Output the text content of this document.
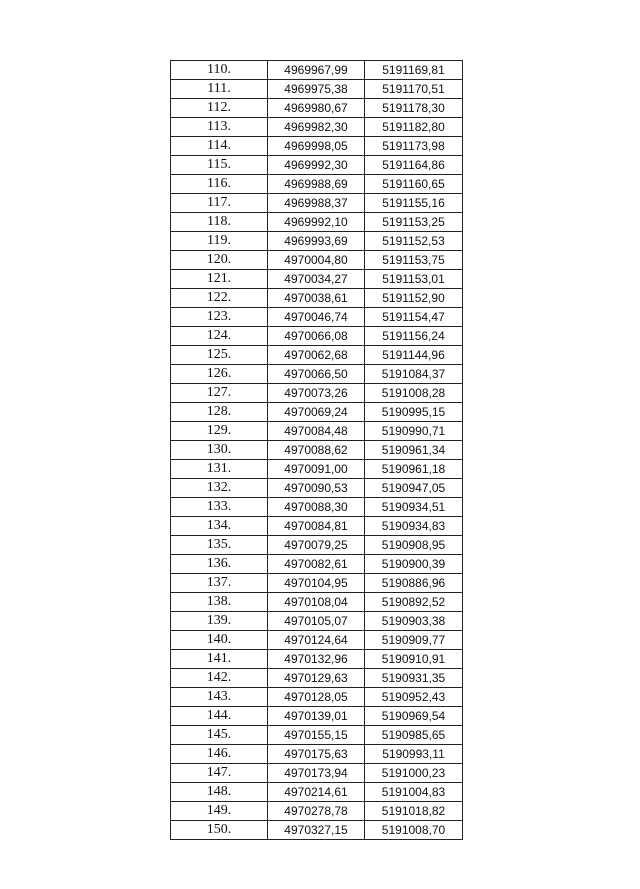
110.	4969967,99	5191169,81
111.	4969975,38	5191170,51
112.	4969980,67	5191178,30
113.	4969982,30	5191182,80
114.	4969998,05	5191173,98
115.	4969992,30	5191164,86
116.	4969988,69	5191160,65
117.	4969988,37	5191155,16
118.	4969992,10	5191153,25
119.	4969993,69	5191152,53
120.	4970004,80	5191153,75
121.	4970034,27	5191153,01
122.	4970038,61	5191152,90
123.	4970046,74	5191154,47
124.	4970066,08	5191156,24
125.	4970062,68	5191144,96
126.	4970066,50	5191084,37
127.	4970073,26	5191008,28
128.	4970069,24	5190995,15
129.	4970084,48	5190990,71
130.	4970088,62	5190961,34
131.	4970091,00	5190961,18
132.	4970090,53	5190947,05
133.	4970088,30	5190934,51
134.	4970084,81	5190934,83
135.	4970079,25	5190908,95
136.	4970082,61	5190900,39
137.	4970104,95	5190886,96
138.	4970108,04	5190892,52
139.	4970105,07	5190903,38
140.	4970124,64	5190909,77
141.	4970132,96	5190910,91
142.	4970129,63	5190931,35
143.	4970128,05	5190952,43
144.	4970139,01	5190969,54
145.	4970155,15	5190985,65
146.	4970175,63	5190993,11
147.	4970173,94	5191000,23
148.	4970214,61	5191004,83
149.	4970278,78	5191018,82
150.	4970327,15	5191008,70
